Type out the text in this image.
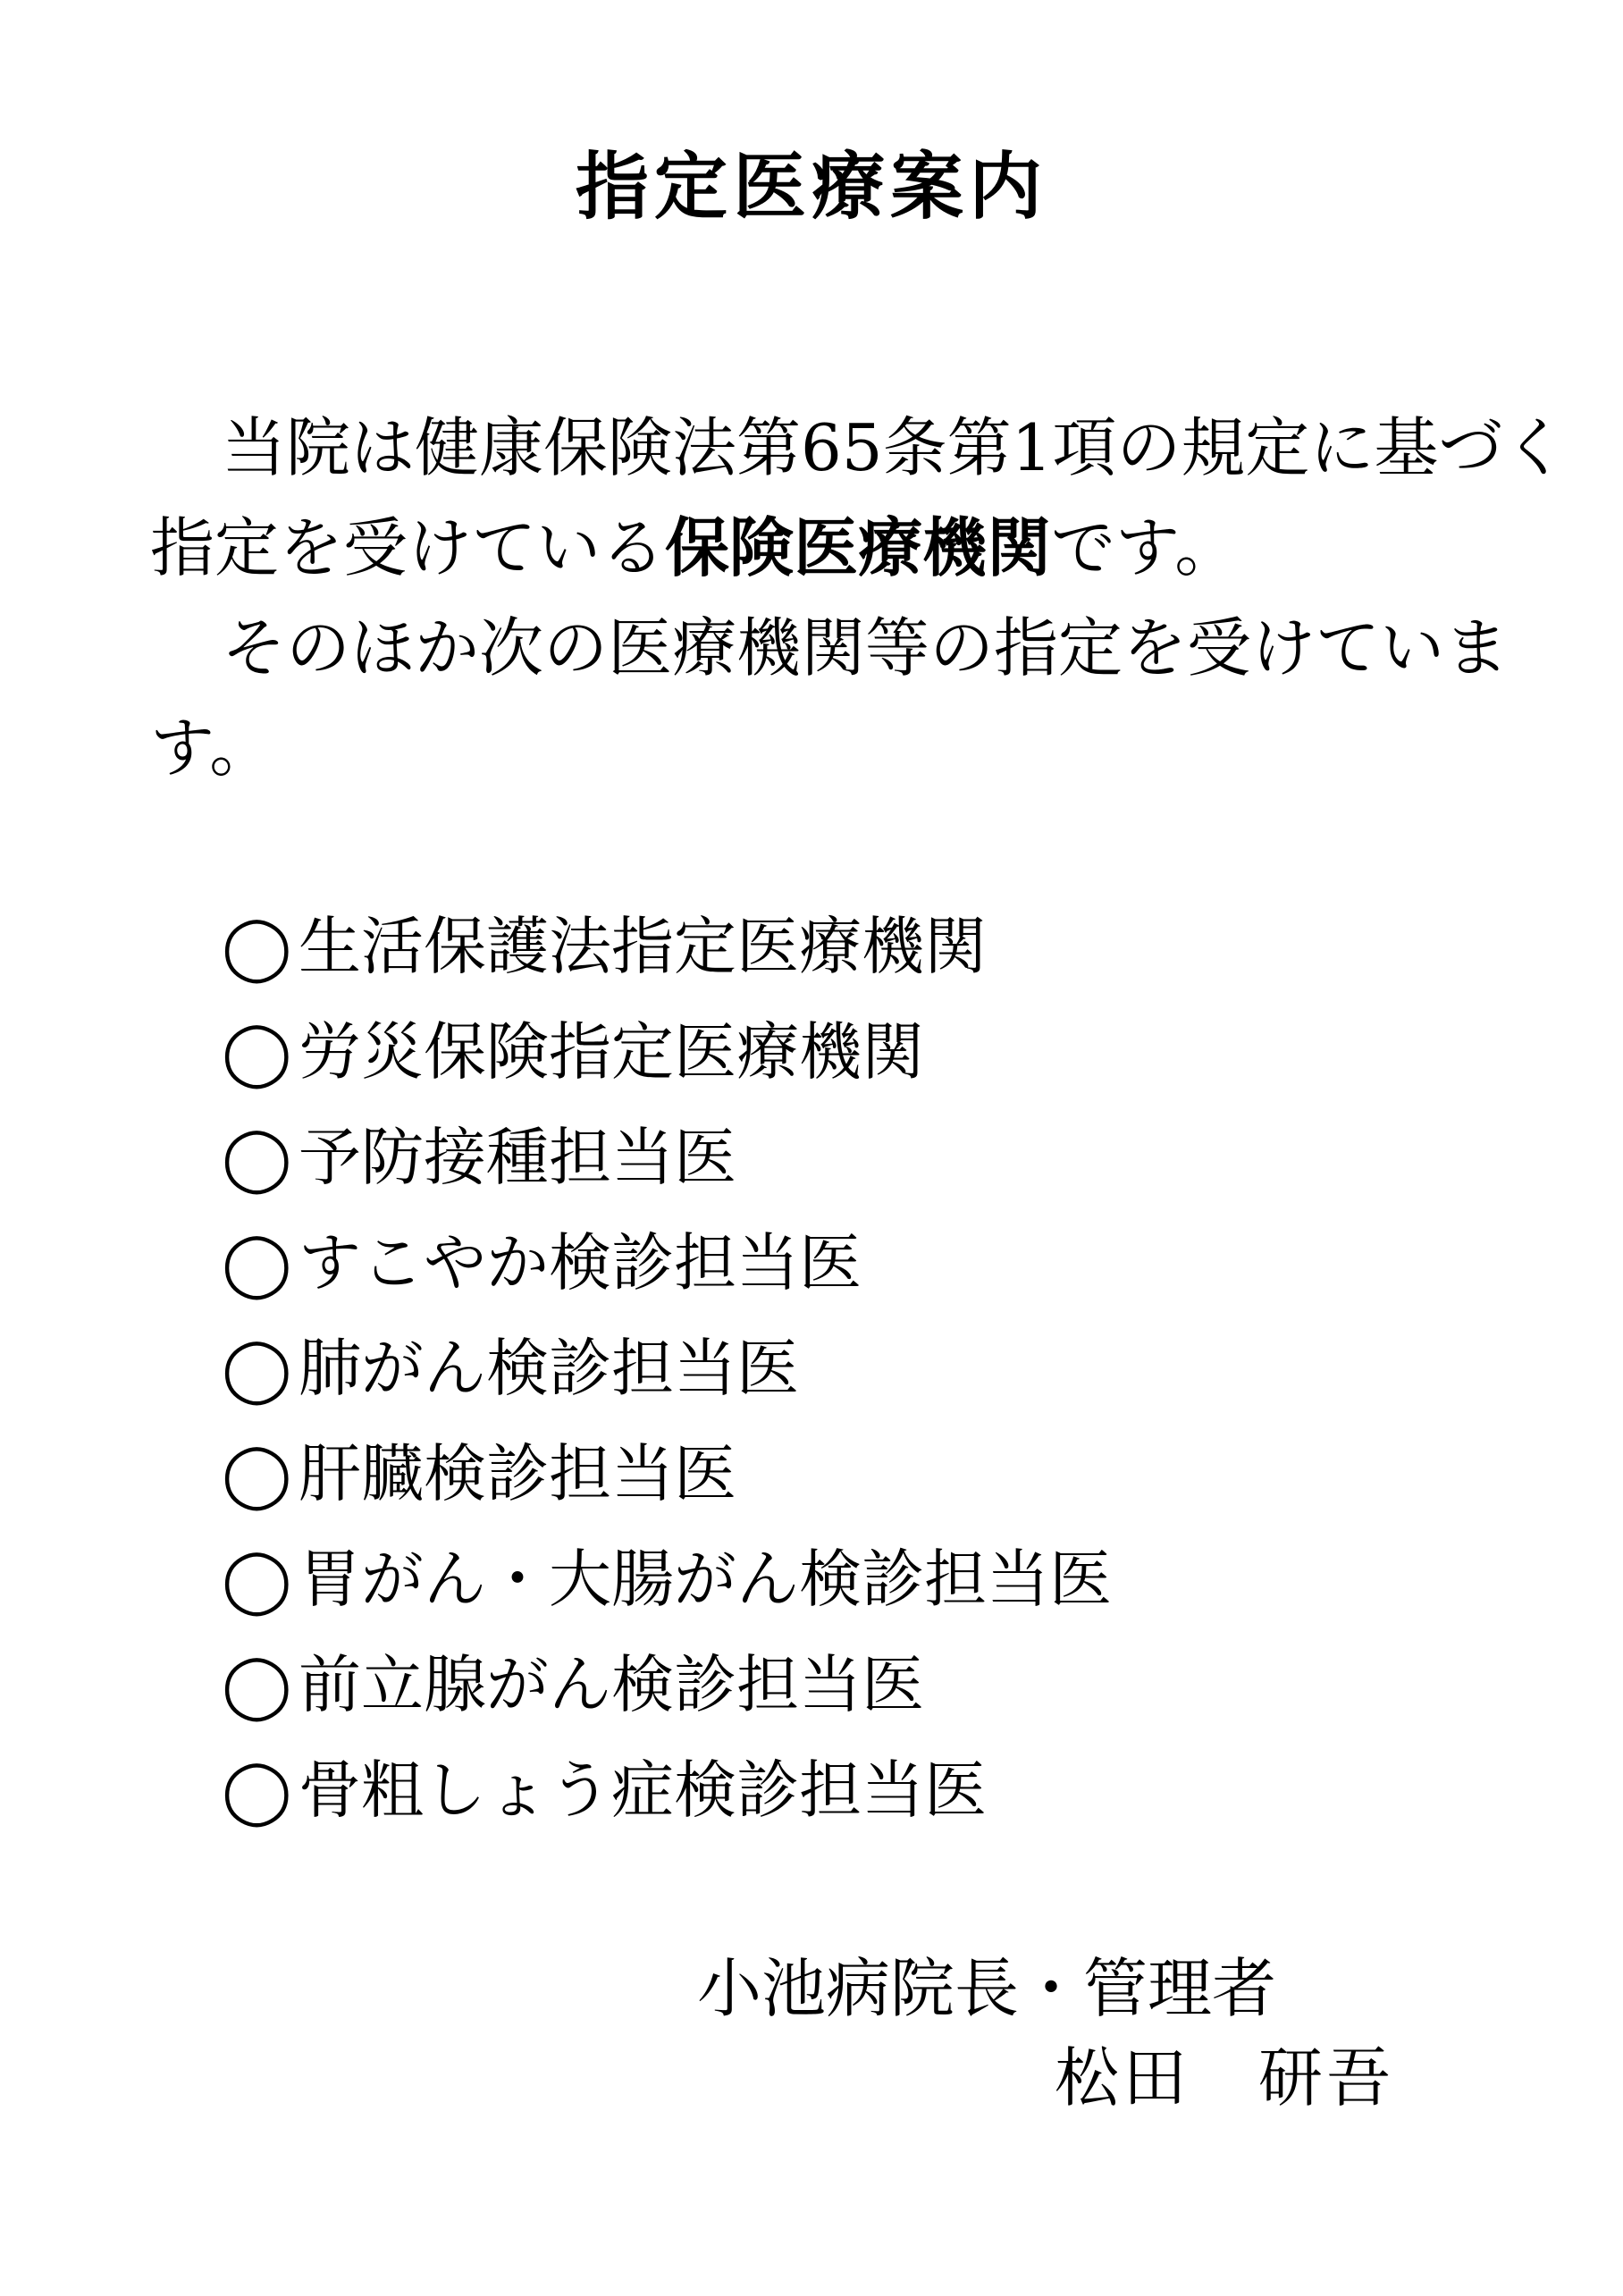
指定医療案内

当院は健康保険法第65条第1項の規定に基づく指定を受けている保険医療機関です。

そのほか次の医療機関等の指定を受けています。

◯ 生活保護法指定医療機関
◯ 労災保険指定医療機関
◯ 予防接種担当医
◯ すこやか検診担当医
◯ 肺がん検診担当医
◯ 肝臓検診担当医
◯ 胃がん・大腸がん検診担当医
◯ 前立腺がん検診担当医
◯ 骨粗しょう症検診担当医
小池病院長・管理者
松田　研吾
